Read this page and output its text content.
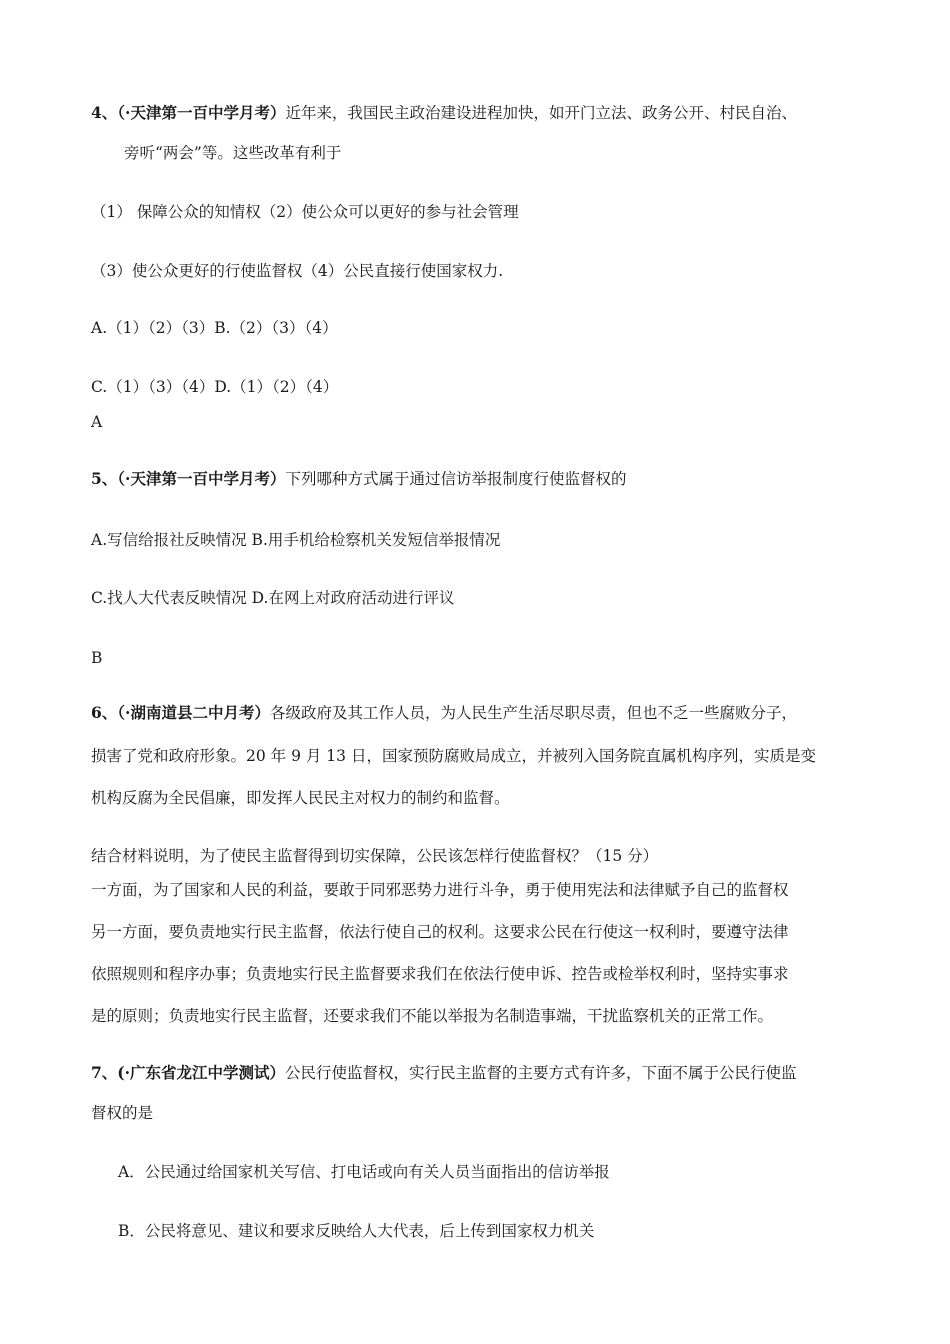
4、（·天津第一百中学月考）近年来，我国民主政治建设进程加快，如开门立法、政务公开、村民自治、
旁听“两会”等。这些改革有利于
（1） 保障公众的知情权（2）使公众可以更好的参与社会管理
（3）使公众更好的行使监督权（4）公民直接行使国家权力.
A.（1）（2）（3）B.（2）（3）（4）
C.（1）（3）（4）D.（1）（2）（4）
A
5、（·天津第一百中学月考）下列哪种方式属于通过信访举报制度行使监督权的
A.写信给报社反映情况 B.用手机给检察机关发短信举报情况
C.找人大代表反映情况 D.在网上对政府活动进行评议
B
6、（·湖南道县二中月考）各级政府及其工作人员，为人民生产生活尽职尽责，但也不乏一些腐败分子，
损害了党和政府形象。20 年 9 月 13 日，国家预防腐败局成立，并被列入国务院直属机构序列，实质是变
机构反腐为全民倡廉，即发挥人民民主对权力的制约和监督。
结合材料说明，为了使民主监督得到切实保障，公民该怎样行使监督权？（15 分）
一方面，为了国家和人民的利益，要敢于同邪恶势力进行斗争，勇于使用宪法和法律赋予自己的监督权
另一方面，要负责地实行民主监督，依法行使自己的权利。这要求公民在行使这一权利时，要遵守法律
依照规则和程序办事；负责地实行民主监督要求我们在依法行使申诉、控告或检举权利时，坚持实事求
是的原则；负责地实行民主监督，还要求我们不能以举报为名制造事端，干扰监察机关的正常工作。
7、(·广东省龙江中学测试）公民行使监督权，实行民主监督的主要方式有许多，下面不属于公民行使监
督权的是
A．公民通过给国家机关写信、打电话或向有关人员当面指出的信访举报
B．公民将意见、建议和要求反映给人大代表，后上传到国家权力机关
